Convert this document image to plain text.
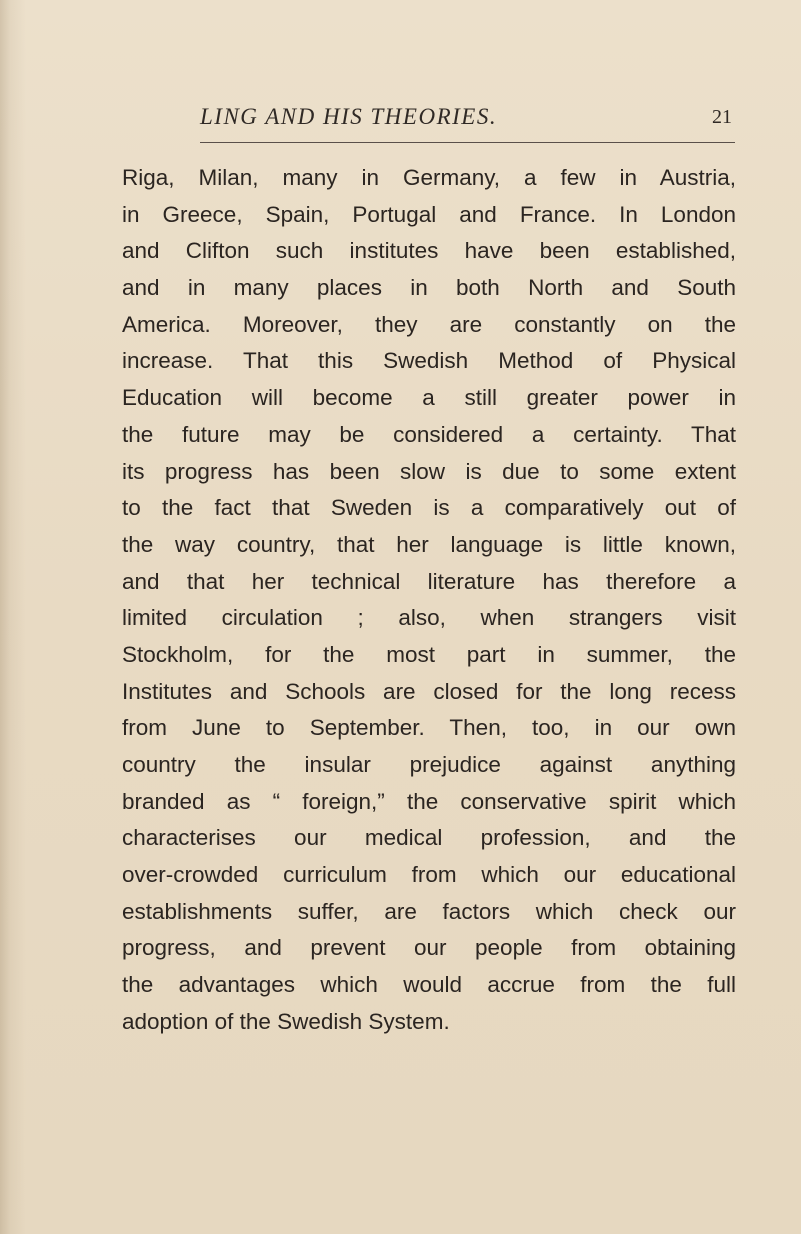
LING AND HIS THEORIES.	21
Riga, Milan, many in Germany, a few in Austria,
in Greece, Spain, Portugal and France. In London
and Clifton such institutes have been established,
and in many places in both North and South
America. Moreover, they are constantly on the
increase. That this Swedish Method of Physical
Education will become a still greater power in
the future may be considered a certainty. That
its progress has been slow is due to some extent
to the fact that Sweden is a comparatively out of
the way country, that her language is little known,
and that her technical literature has therefore a
limited circulation ; also, when strangers visit
Stockholm, for the most part in summer, the
Institutes and Schools are closed for the long recess
from June to September. Then, too, in our own
country the insular prejudice against anything
branded as “ foreign,” the conservative spirit which
characterises our medical profession, and the
over-crowded curriculum from which our educational
establishments suffer, are factors which check our
progress, and prevent our people from obtaining
the advantages which would accrue from the full
adoption of the Swedish System.
